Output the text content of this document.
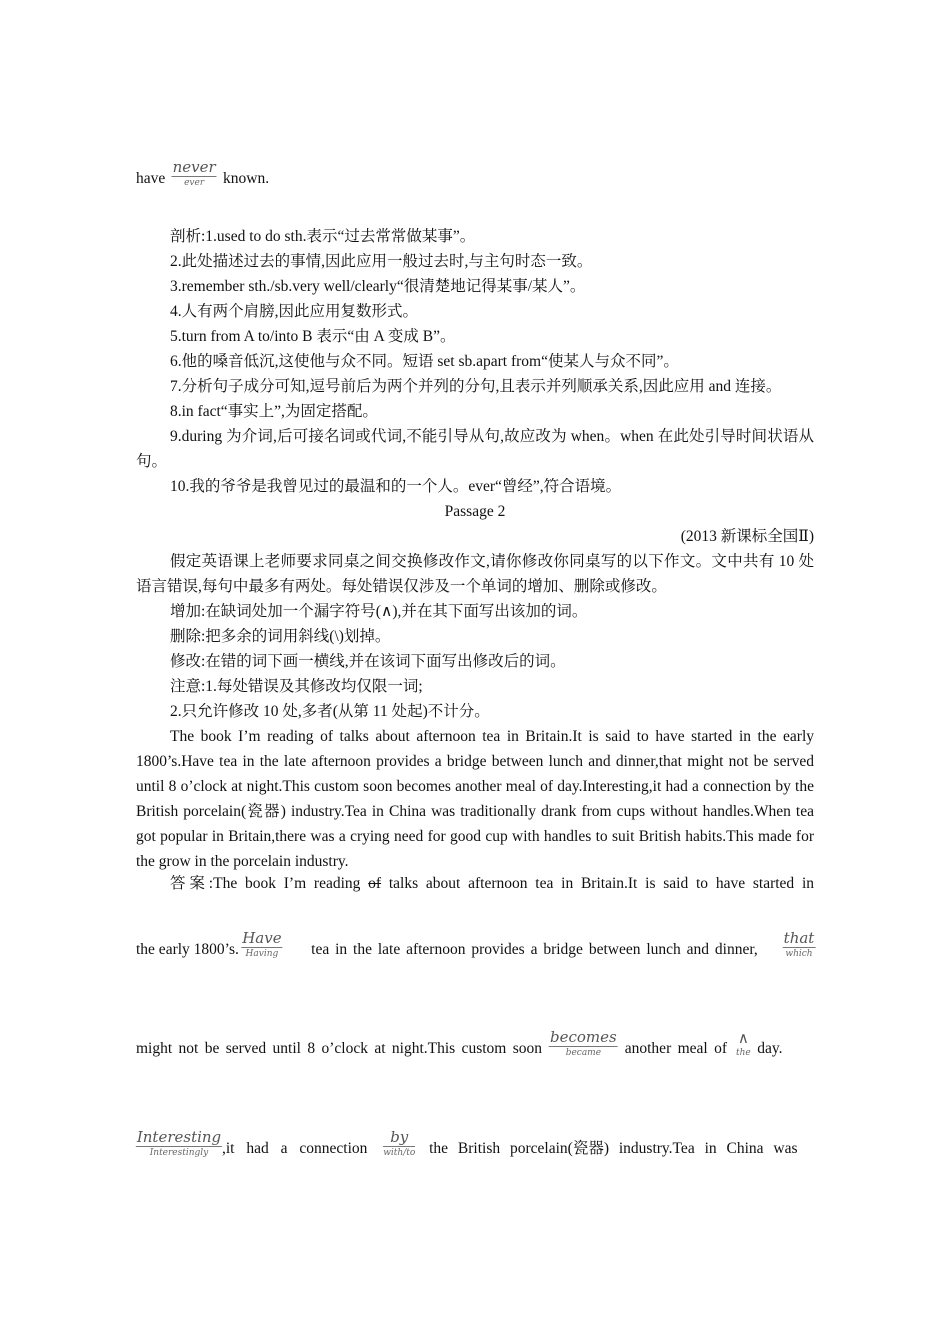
have
never
ever	known.

剖析:1.used to do sth.表示“过去常常做某事”。

2.此处描述过去的事情,因此应用一般过去时,与主句时态一致。

3.remember sth./sb.very well/clearly“很清楚地记得某事/某人”。

4.人有两个肩膀,因此应用复数形式。

5.turn from A to/into B 表示“由 A 变成 B”。

6.他的嗓音低沉,这使他与众不同。短语 set sb.apart from“使某人与众不同”。

7.分析句子成分可知,逗号前后为两个并列的分句,且表示并列顺承关系,因此应用 and 连接。

8.in fact“事实上”,为固定搭配。

9.during 为介词,后可接名词或代词,不能引导从句,故应改为 when。when 在此处引导时间状语从句。

10.我的爷爷是我曾见过的最温和的一个人。ever“曾经”,符合语境。

Passage 2

(2013 新课标全国Ⅱ)

假定英语课上老师要求同桌之间交换修改作文,请你修改你同桌写的以下作文。文中共有 10 处语言错误,每句中最多有两处。每处错误仅涉及一个单词的增加、删除或修改。

增加:在缺词处加一个漏字符号(∧),并在其下面写出该加的词。

删除:把多余的词用斜线(\)划掉。

修改:在错的词下画一横线,并在该词下面写出修改后的词。

注意:1.每处错误及其修改均仅限一词;

2.只允许修改 10 处,多者(从第 11 处起)不计分。

The book I’m reading of talks about afternoon tea in Britain.It is said to have started in the early 1800’s.Have tea in the late afternoon provides a bridge between lunch and dinner,that might not be served until 8 o’clock at night.This custom soon becomes another meal of day.Interesting,it had a connection by the British porcelain(瓷器) industry.Tea in China was traditionally drank from cups without handles.When tea got popular in Britain,there was a crying need for good cup with handles to suit British habits.This made for the grow in the porcelain industry.

答案:The book I’m reading of talks about afternoon tea in Britain.It is said to have started in
the early 1800’s.
Have
Having
tea in the late afternoon provides a bridge between lunch and dinner,
that
which

might not be served until 8 o’clock at night.This custom soon
becomes
became	another meal of
∧
the day.
Interesting
Interestingly ,it had a connection
by
with/to the British porcelain(瓷器) industry.Tea in China was
